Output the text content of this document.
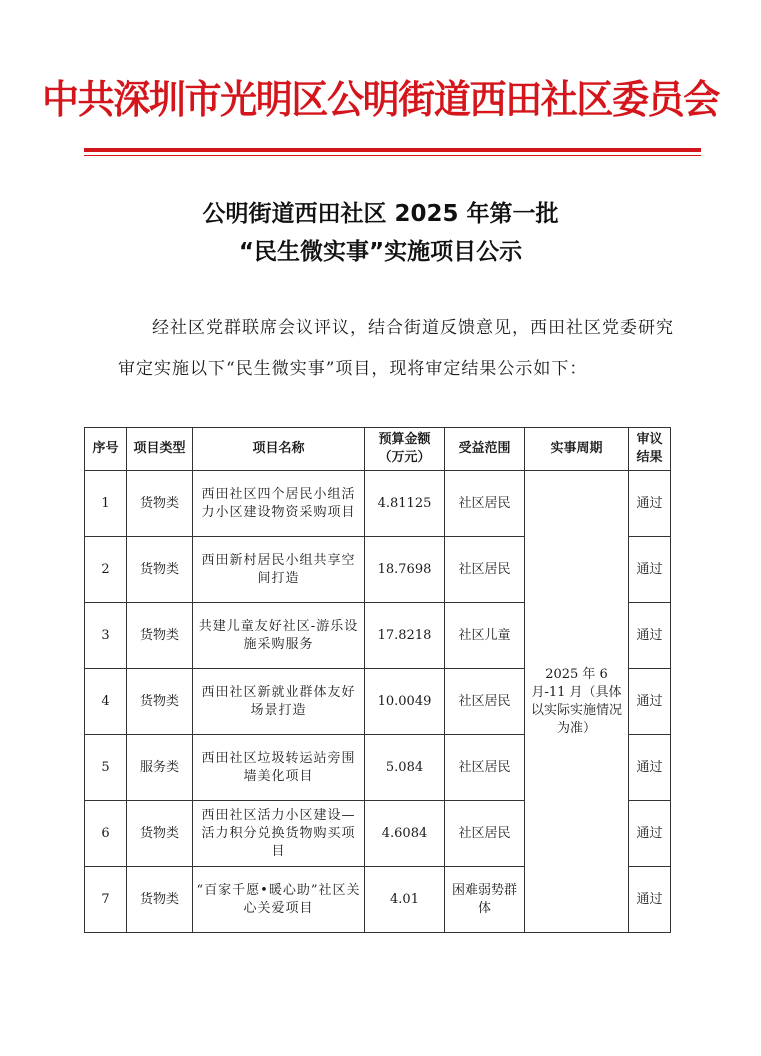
中共深圳市光明区公明街道西田社区委员会
公明街道西田社区 2025 年第一批
“民生微实事”实施项目公示
经社区党群联席会议评议，结合街道反馈意见，西田社区党委研究审定实施以下“民生微实事”项目，现将审定结果公示如下：
序号	项目类型	项目名称	预算金额（万元）	受益范围	实事周期	审议结果
1	货物类	西田社区四个居民小组活力小区建设物资采购项目	4.81125	社区居民	2025 年 6 月-11 月（具体以实际实施情况为准）	通过
2	货物类	西田新村居民小组共享空间打造	18.7698	社区居民		通过
3	货物类	共建儿童友好社区-游乐设施采购服务	17.8218	社区儿童		通过
4	货物类	西田社区新就业群体友好场景打造	10.0049	社区居民		通过
5	服务类	西田社区垃圾转运站旁围墙美化项目	5.084	社区居民		通过
6	货物类	西田社区活力小区建设—活力积分兑换货物购买项目	4.6084	社区居民		通过
7	货物类	“百家千愿•暖心助”社区关心关爱项目	4.01	困难弱势群体		通过
